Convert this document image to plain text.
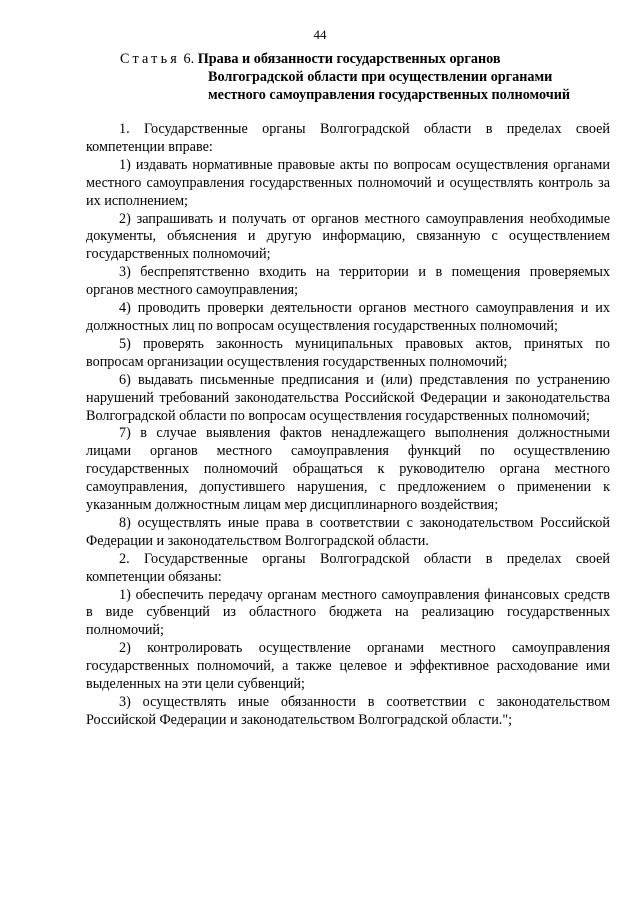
44
Статья 6. Права и обязанности государственных органов
Волгоградской области при осуществлении органами
местного самоуправления государственных полномочий

1. Государственные органы Волгоградской области в пределах своей компетенции вправе:

1) издавать нормативные правовые акты по вопросам осуществления органами местного самоуправления государственных полномочий и осуществлять контроль за их исполнением;

2) запрашивать и получать от органов местного самоуправления необходимые документы, объяснения и другую информацию, связанную с осуществлением государственных полномочий;

3) беспрепятственно входить на территории и в помещения проверяемых органов местного самоуправления;

4) проводить проверки деятельности органов местного самоуправления и их должностных лиц по вопросам осуществления государственных полномочий;

5) проверять законность муниципальных правовых актов, принятых по вопросам организации осуществления государственных полномочий;

6) выдавать письменные предписания и (или) представления по устранению нарушений требований законодательства Российской Федерации и законодательства Волгоградской области по вопросам осуществления государственных полномочий;

7) в случае выявления фактов ненадлежащего выполнения должностными лицами органов местного самоуправления функций по осуществлению государственных полномочий обращаться к руководителю органа местного самоуправления, допустившего нарушения, с предложением о применении к указанным должностным лицам мер дисциплинарного воздействия;

8) осуществлять иные права в соответствии с законодательством Российской Федерации и законодательством Волгоградской области.

2. Государственные органы Волгоградской области в пределах своей компетенции обязаны:

1) обеспечить передачу органам местного самоуправления финансовых средств в виде субвенций из областного бюджета на реализацию государственных полномочий;

2) контролировать осуществление органами местного самоуправления государственных полномочий, а также целевое и эффективное расходование ими выделенных на эти цели субвенций;

3) осуществлять иные обязанности в соответствии с законодательством Российской Федерации и законодательством Волгоградской области.";
